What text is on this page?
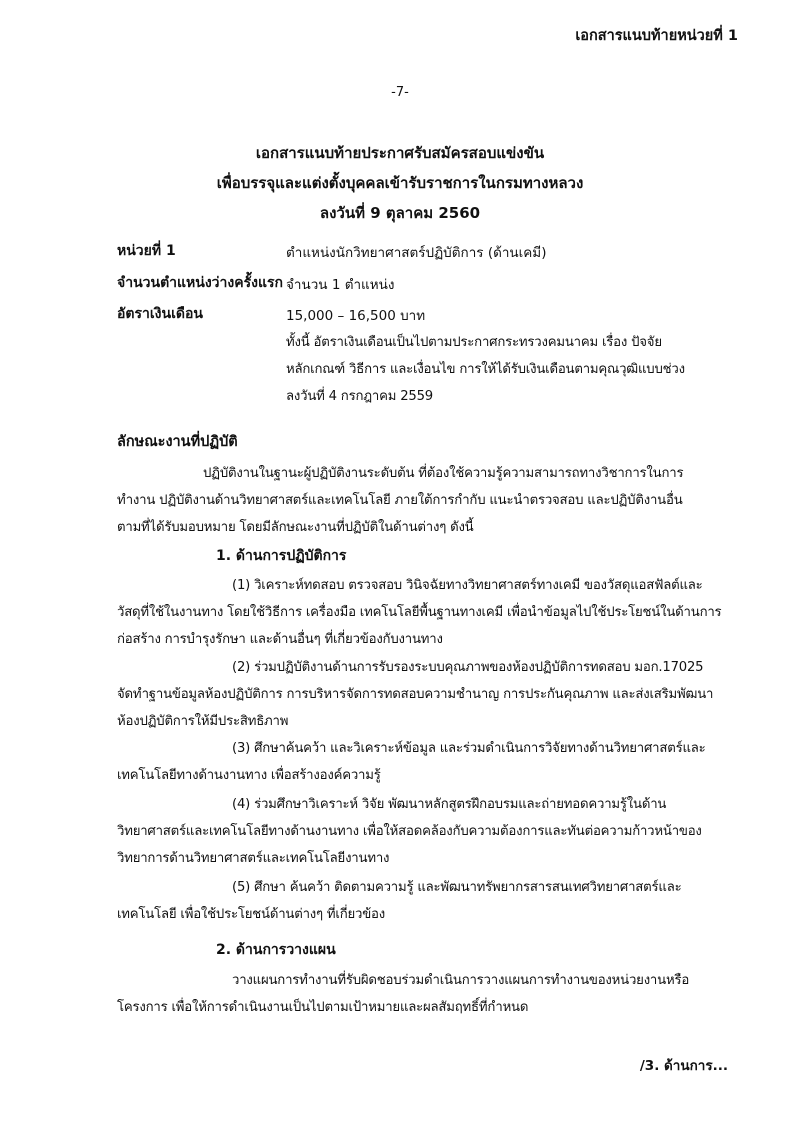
เอกสารแนบท้ายหน่วยที่ 1
-7-
เอกสารแนบท้ายประกาศรับสมัครสอบแข่งขัน
เพื่อบรรจุและแต่งตั้งบุคคลเข้ารับราชการในกรมทางหลวง
ลงวันที่ 9 ตุลาคม 2560
หน่วยที่ 1	ตำแหน่งนักวิทยาศาสตร์ปฏิบัติการ (ด้านเคมี)
จำนวนตำแหน่งว่างครั้งแรก จำนวน 1 ตำแหน่ง
อัตราเงินเดือน	15,000 – 16,500 บาท
ทั้งนี้ อัตราเงินเดือนเป็นไปตามประกาศกระทรวงคมนาคม เรื่อง ปัจจัย
หลักเกณฑ์ วิธีการ และเงื่อนไข การให้ได้รับเงินเดือนตามคุณวุฒิแบบช่วง
ลงวันที่ 4 กรกฎาคม 2559
ลักษณะงานที่ปฏิบัติ
ปฏิบัติงานในฐานะผู้ปฏิบัติงานระดับต้น ที่ต้องใช้ความรู้ความสามารถทางวิชาการในการ
ทำงาน ปฏิบัติงานด้านวิทยาศาสตร์และเทคโนโลยี ภายใต้การกำกับ แนะนำตรวจสอบ และปฏิบัติงานอื่น
ตามที่ได้รับมอบหมาย โดยมีลักษณะงานที่ปฏิบัติในด้านต่างๆ ดังนี้
1. ด้านการปฏิบัติการ
(1) วิเคราะห์ทดสอบ ตรวจสอบ วินิจฉัยทางวิทยาศาสตร์ทางเคมี ของวัสดุแอสฟัลต์และ
วัสดุที่ใช้ในงานทาง โดยใช้วิธีการ เครื่องมือ เทคโนโลยีพื้นฐานทางเคมี เพื่อนำข้อมูลไปใช้ประโยชน์ในด้านการ
ก่อสร้าง การบำรุงรักษา และด้านอื่นๆ ที่เกี่ยวข้องกับงานทาง
(2) ร่วมปฏิบัติงานด้านการรับรองระบบคุณภาพของห้องปฏิบัติการทดสอบ มอก.17025
จัดทำฐานข้อมูลห้องปฏิบัติการ การบริหารจัดการทดสอบความชำนาญ การประกันคุณภาพ และส่งเสริมพัฒนา
ห้องปฏิบัติการให้มีประสิทธิภาพ
(3) ศึกษาค้นคว้า และวิเคราะห์ข้อมูล และร่วมดำเนินการวิจัยทางด้านวิทยาศาสตร์และ
เทคโนโลยีทางด้านงานทาง เพื่อสร้างองค์ความรู้
(4) ร่วมศึกษาวิเคราะห์ วิจัย พัฒนาหลักสูตรฝึกอบรมและถ่ายทอดความรู้ในด้าน
วิทยาศาสตร์และเทคโนโลยีทางด้านงานทาง เพื่อให้สอดคล้องกับความต้องการและทันต่อความก้าวหน้าของ
วิทยาการด้านวิทยาศาสตร์และเทคโนโลยีงานทาง
(5) ศึกษา ค้นคว้า ติดตามความรู้ และพัฒนาทรัพยากรสารสนเทศวิทยาศาสตร์และ
เทคโนโลยี เพื่อใช้ประโยชน์ด้านต่างๆ ที่เกี่ยวข้อง
2. ด้านการวางแผน
วางแผนการทำงานที่รับผิดชอบร่วมดำเนินการวางแผนการทำงานของหน่วยงานหรือ
โครงการ เพื่อให้การดำเนินงานเป็นไปตามเป้าหมายและผลสัมฤทธิ์ที่กำหนด
/3. ด้านการ...
